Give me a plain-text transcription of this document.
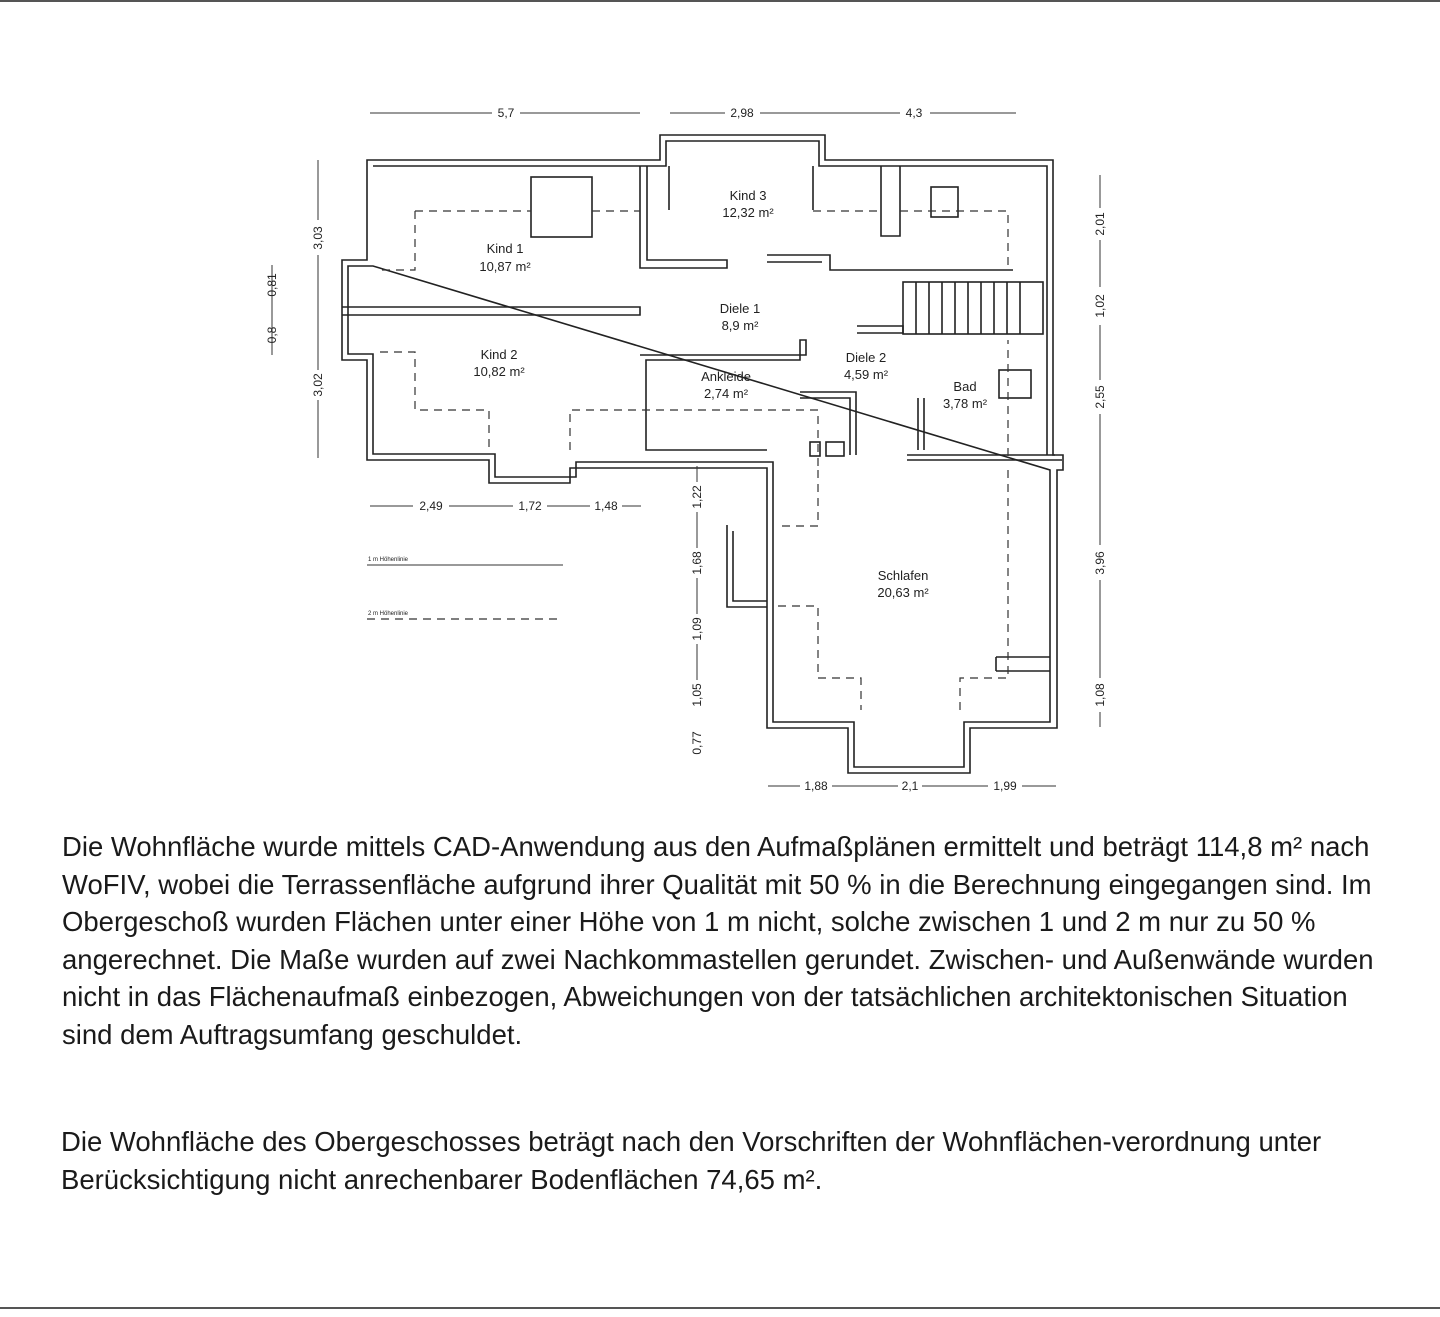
1 m Höhenlinie
2 m Höhenlinie
Kind 1
10,87 m²
Kind 3
12,32 m²
Diele 1
8,9 m²
Kind 2
10,82 m²	Ankleide
2,74 m²
Diele 2
4,59 m²
Bad
3,78 m²
Schlafen
20,63 m²
5,7	2,98	4,3
3,03
0,8
0,81
3,02
2,01
1,02
2,55
3,96
1,08
2,49	1,72	1,48	1,22
1,68
1,09
1,05
0,77
1,88	2,1	1,99

Die Wohnfläche wurde mittels CAD-Anwendung aus den Aufmaßplänen ermittelt und beträgt 114,8 m² nach WoFIV, wobei die Terrassenfläche aufgrund ihrer Qualität mit 50 % in die Berechnung eingegangen sind. Im Obergeschoß wurden Flächen unter einer Höhe von 1 m nicht, solche zwischen 1 und 2 m nur zu 50 % angerechnet. Die Maße wurden auf zwei Nachkommastellen gerundet. Zwischen- und Außenwände wurden nicht in das Flächenaufmaß einbezogen, Abweichungen von der tatsächlichen architektonischen Situation sind dem Auftragsumfang geschuldet.

Die Wohnfläche des Obergeschosses beträgt nach den Vorschriften der Wohnflächen-verordnung unter Berücksichtigung nicht anrechenbarer Bodenflächen 74,65 m².
